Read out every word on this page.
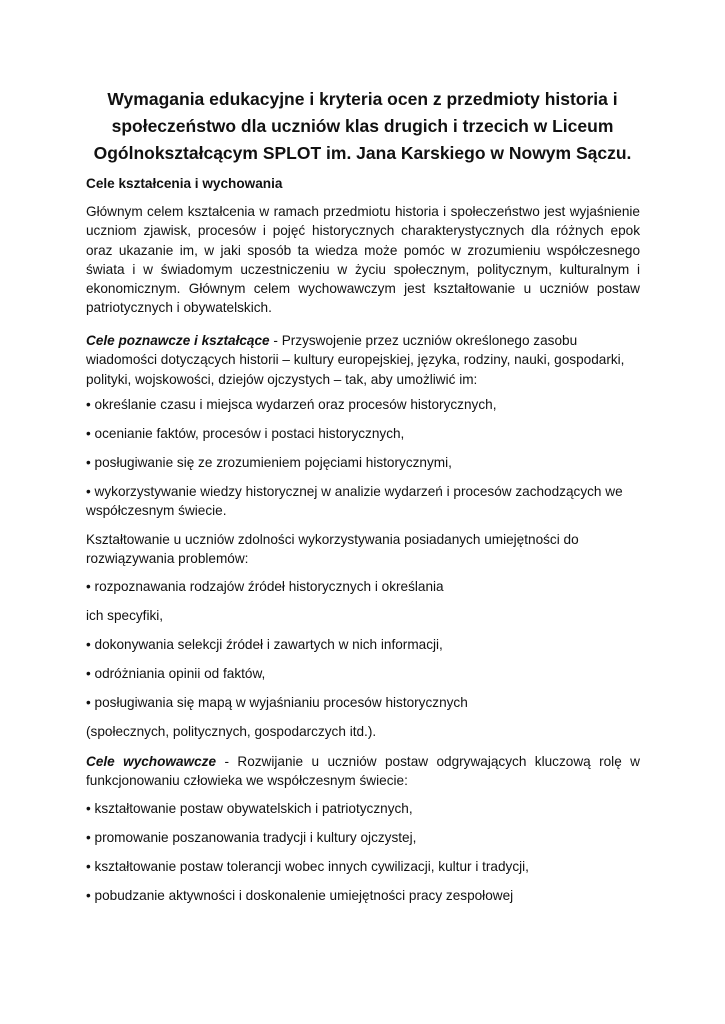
Wymagania edukacyjne i kryteria ocen z przedmioty historia i społeczeństwo dla uczniów klas drugich i trzecich w Liceum Ogólnokształcącym SPLOT im. Jana Karskiego w Nowym Sączu.

Cele kształcenia i wychowania

Głównym celem kształcenia w ramach przedmiotu historia i społeczeństwo jest wyjaśnienie uczniom zjawisk, procesów i pojęć historycznych charakterystycznych dla różnych epok oraz ukazanie im, w jaki sposób ta wiedza może pomóc w zrozumieniu współczesnego świata i w świadomym uczestniczeniu w życiu społecznym, politycznym, kulturalnym i ekonomicznym. Głównym celem wychowawczym jest kształtowanie u uczniów postaw patriotycznych i obywatelskich.

Cele poznawcze i kształcące - Przyswojenie przez uczniów określonego zasobu wiadomości dotyczących historii – kultury europejskiej, języka, rodziny, nauki, gospodarki, polityki, wojskowości, dziejów ojczystych – tak, aby umożliwić im:

• określanie czasu i miejsca wydarzeń oraz procesów historycznych,

• ocenianie faktów, procesów i postaci historycznych,

• posługiwanie się ze zrozumieniem pojęciami historycznymi,

• wykorzystywanie wiedzy historycznej w analizie wydarzeń i procesów zachodzących we współczesnym świecie.

Kształtowanie u uczniów zdolności wykorzystywania posiadanych umiejętności do rozwiązywania problemów:

• rozpoznawania rodzajów źródeł historycznych i określania

ich specyfiki,

• dokonywania selekcji źródeł i zawartych w nich informacji,

• odróżniania opinii od faktów,

• posługiwania się mapą w wyjaśnianiu procesów historycznych

(społecznych, politycznych, gospodarczych itd.).

Cele wychowawcze - Rozwijanie u uczniów postaw odgrywających kluczową rolę w funkcjonowaniu człowieka we współczesnym świecie:

• kształtowanie postaw obywatelskich i patriotycznych,

• promowanie poszanowania tradycji i kultury ojczystej,

• kształtowanie postaw tolerancji wobec innych cywilizacji, kultur i tradycji,

• pobudzanie aktywności i doskonalenie umiejętności pracy zespołowej
